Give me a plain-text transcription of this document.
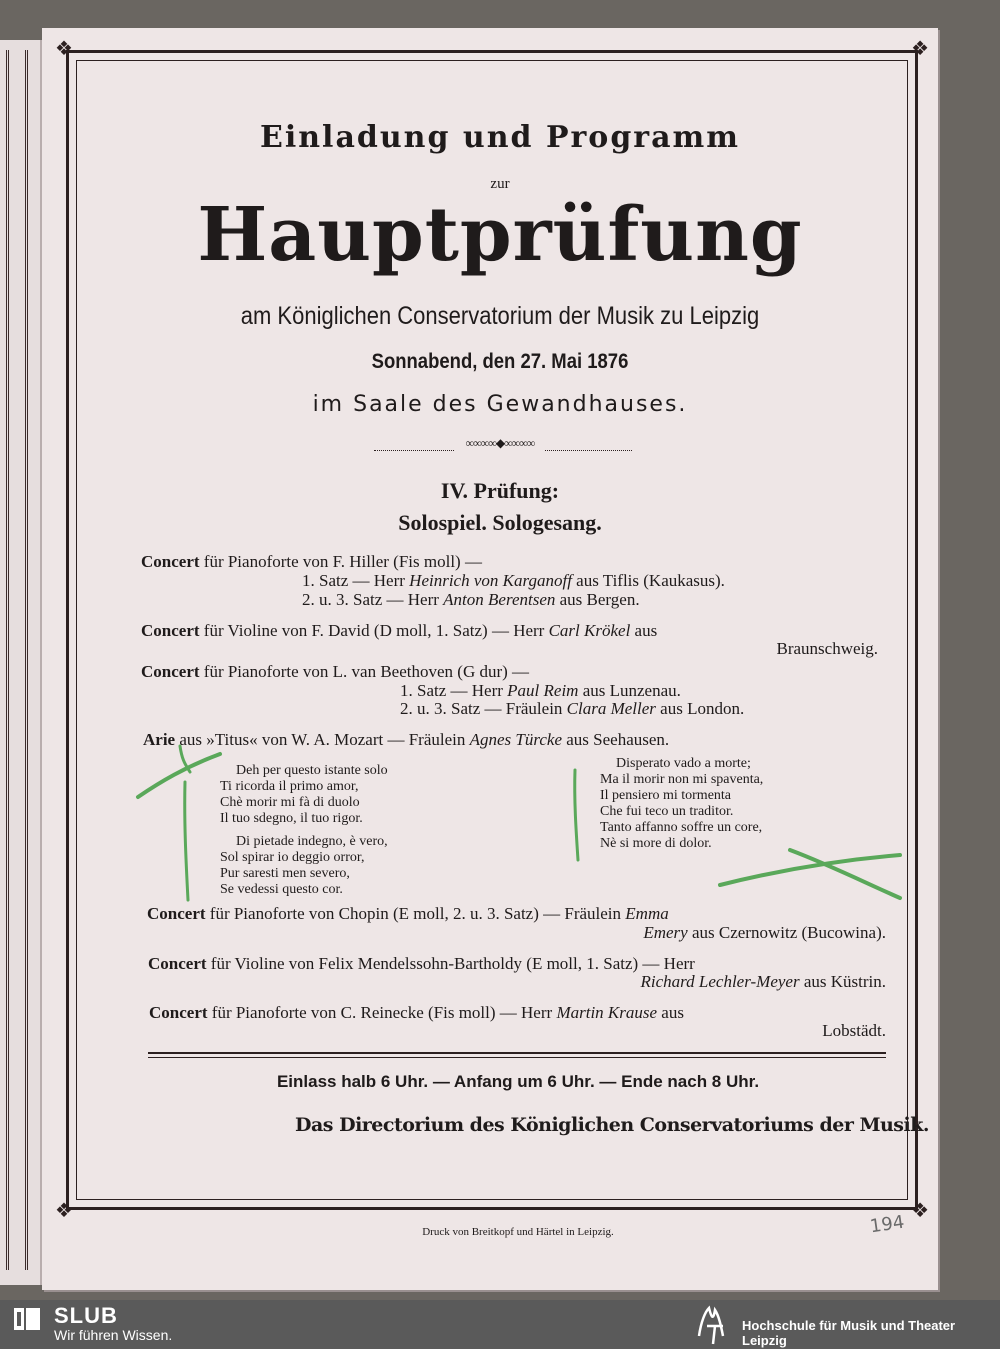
❖	❖
❖	❖
Einladung und Programm
zur
Hauptprüfung
am Königlichen Conservatorium der Musik zu Leipzig
Sonnabend, den 27. Mai 1876
im Saale des Gewandhauses.
∞∞∞∞◆∞∞∞∞
IV. Prüfung:
Solospiel. Sologesang.
Concert für Pianoforte von F. Hiller (Fis moll) —
1. Satz — Herr Heinrich von Karganoff aus Tiflis (Kaukasus).
2. u. 3. Satz — Herr Anton Berentsen aus Bergen.
Concert für Violine von F. David (D moll, 1. Satz) — Herr Carl Krökel aus
Braunschweig.
Concert für Pianoforte von L. van Beethoven (G dur) —
1. Satz — Herr Paul Reim aus Lunzenau.
2. u. 3. Satz — Fräulein Clara Meller aus London.
Arie aus »Titus« von W. A. Mozart — Fräulein Agnes Türcke aus Seehausen.
Deh per questo istante solo
Ti ricorda il primo amor,
Chè morir mi fà di duolo
Il tuo sdegno, il tuo rigor.
Di pietade indegno, è vero,
Sol spirar io deggio orror,
Pur saresti men severo,
Se vedessi questo cor.
Disperato vado a morte;
Ma il morir non mi spaventa,
Il pensiero mi tormenta
Che fui teco un traditor.
Tanto affanno soffre un core,
Nè si more di dolor.
Concert für Pianoforte von Chopin (E moll, 2. u. 3. Satz) — Fräulein Emma
Emery aus Czernowitz (Bucowina).
Concert für Violine von Felix Mendelssohn-Bartholdy (E moll, 1. Satz) — Herr
Richard Lechler-Meyer aus Küstrin.
Concert für Pianoforte von C. Reinecke (Fis moll) — Herr Martin Krause aus
Lobstädt.
Einlass halb 6 Uhr. — Anfang um 6 Uhr. — Ende nach 8 Uhr.
Das Directorium des Königlichen Conservatoriums der Musik.
Druck von Breitkopf und Härtel in Leipzig.	194
SLUB
Wir führen Wissen.
Hochschule für Musik und Theater Leipzig
